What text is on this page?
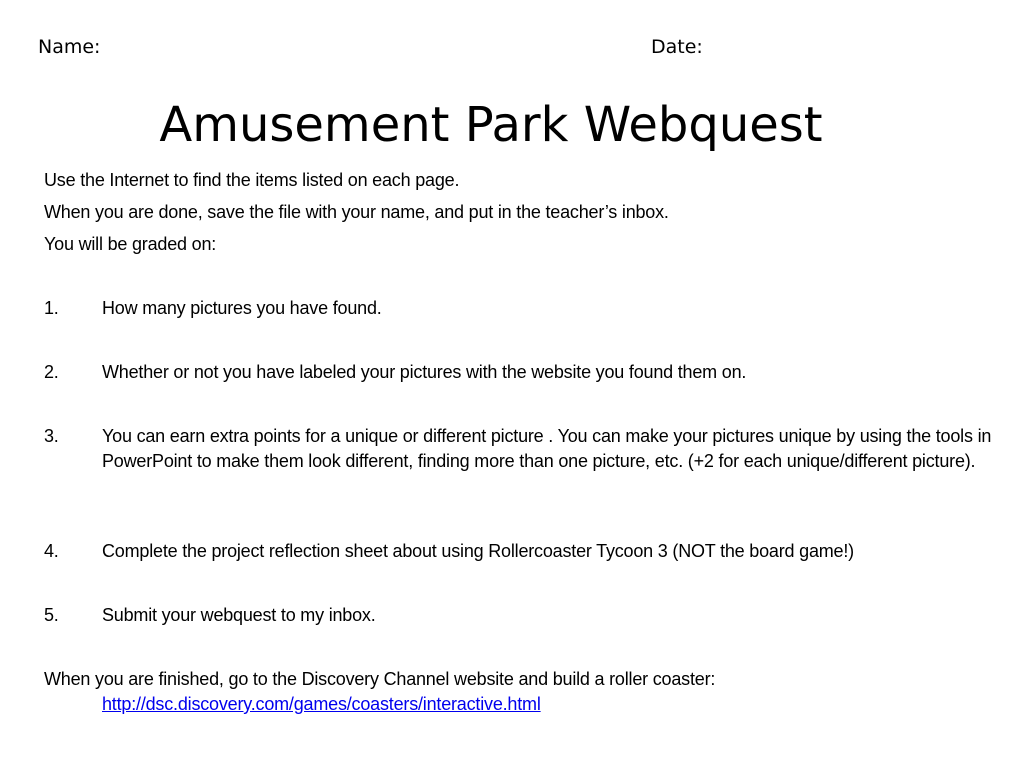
Name:	Date:
Amusement Park Webquest
Use the Internet to find the items listed on each page.
When you are done, save the file with your name, and put in the teacher’s inbox.
You will be graded on:
1. How many pictures you have found.
2. Whether or not you have labeled your pictures with the website you found them on.
3. You can earn extra points for a unique or different picture . You can make your pictures unique by using the tools in PowerPoint to make them look different, finding more than one picture, etc. (+2 for each unique/different picture).
4. Complete the project reflection sheet about using Rollercoaster Tycoon 3 (NOT the board game!)
5. Submit your webquest to my inbox.
When you are finished, go to the Discovery Channel website and build a roller coaster:
http://dsc.discovery.com/games/coasters/interactive.html
